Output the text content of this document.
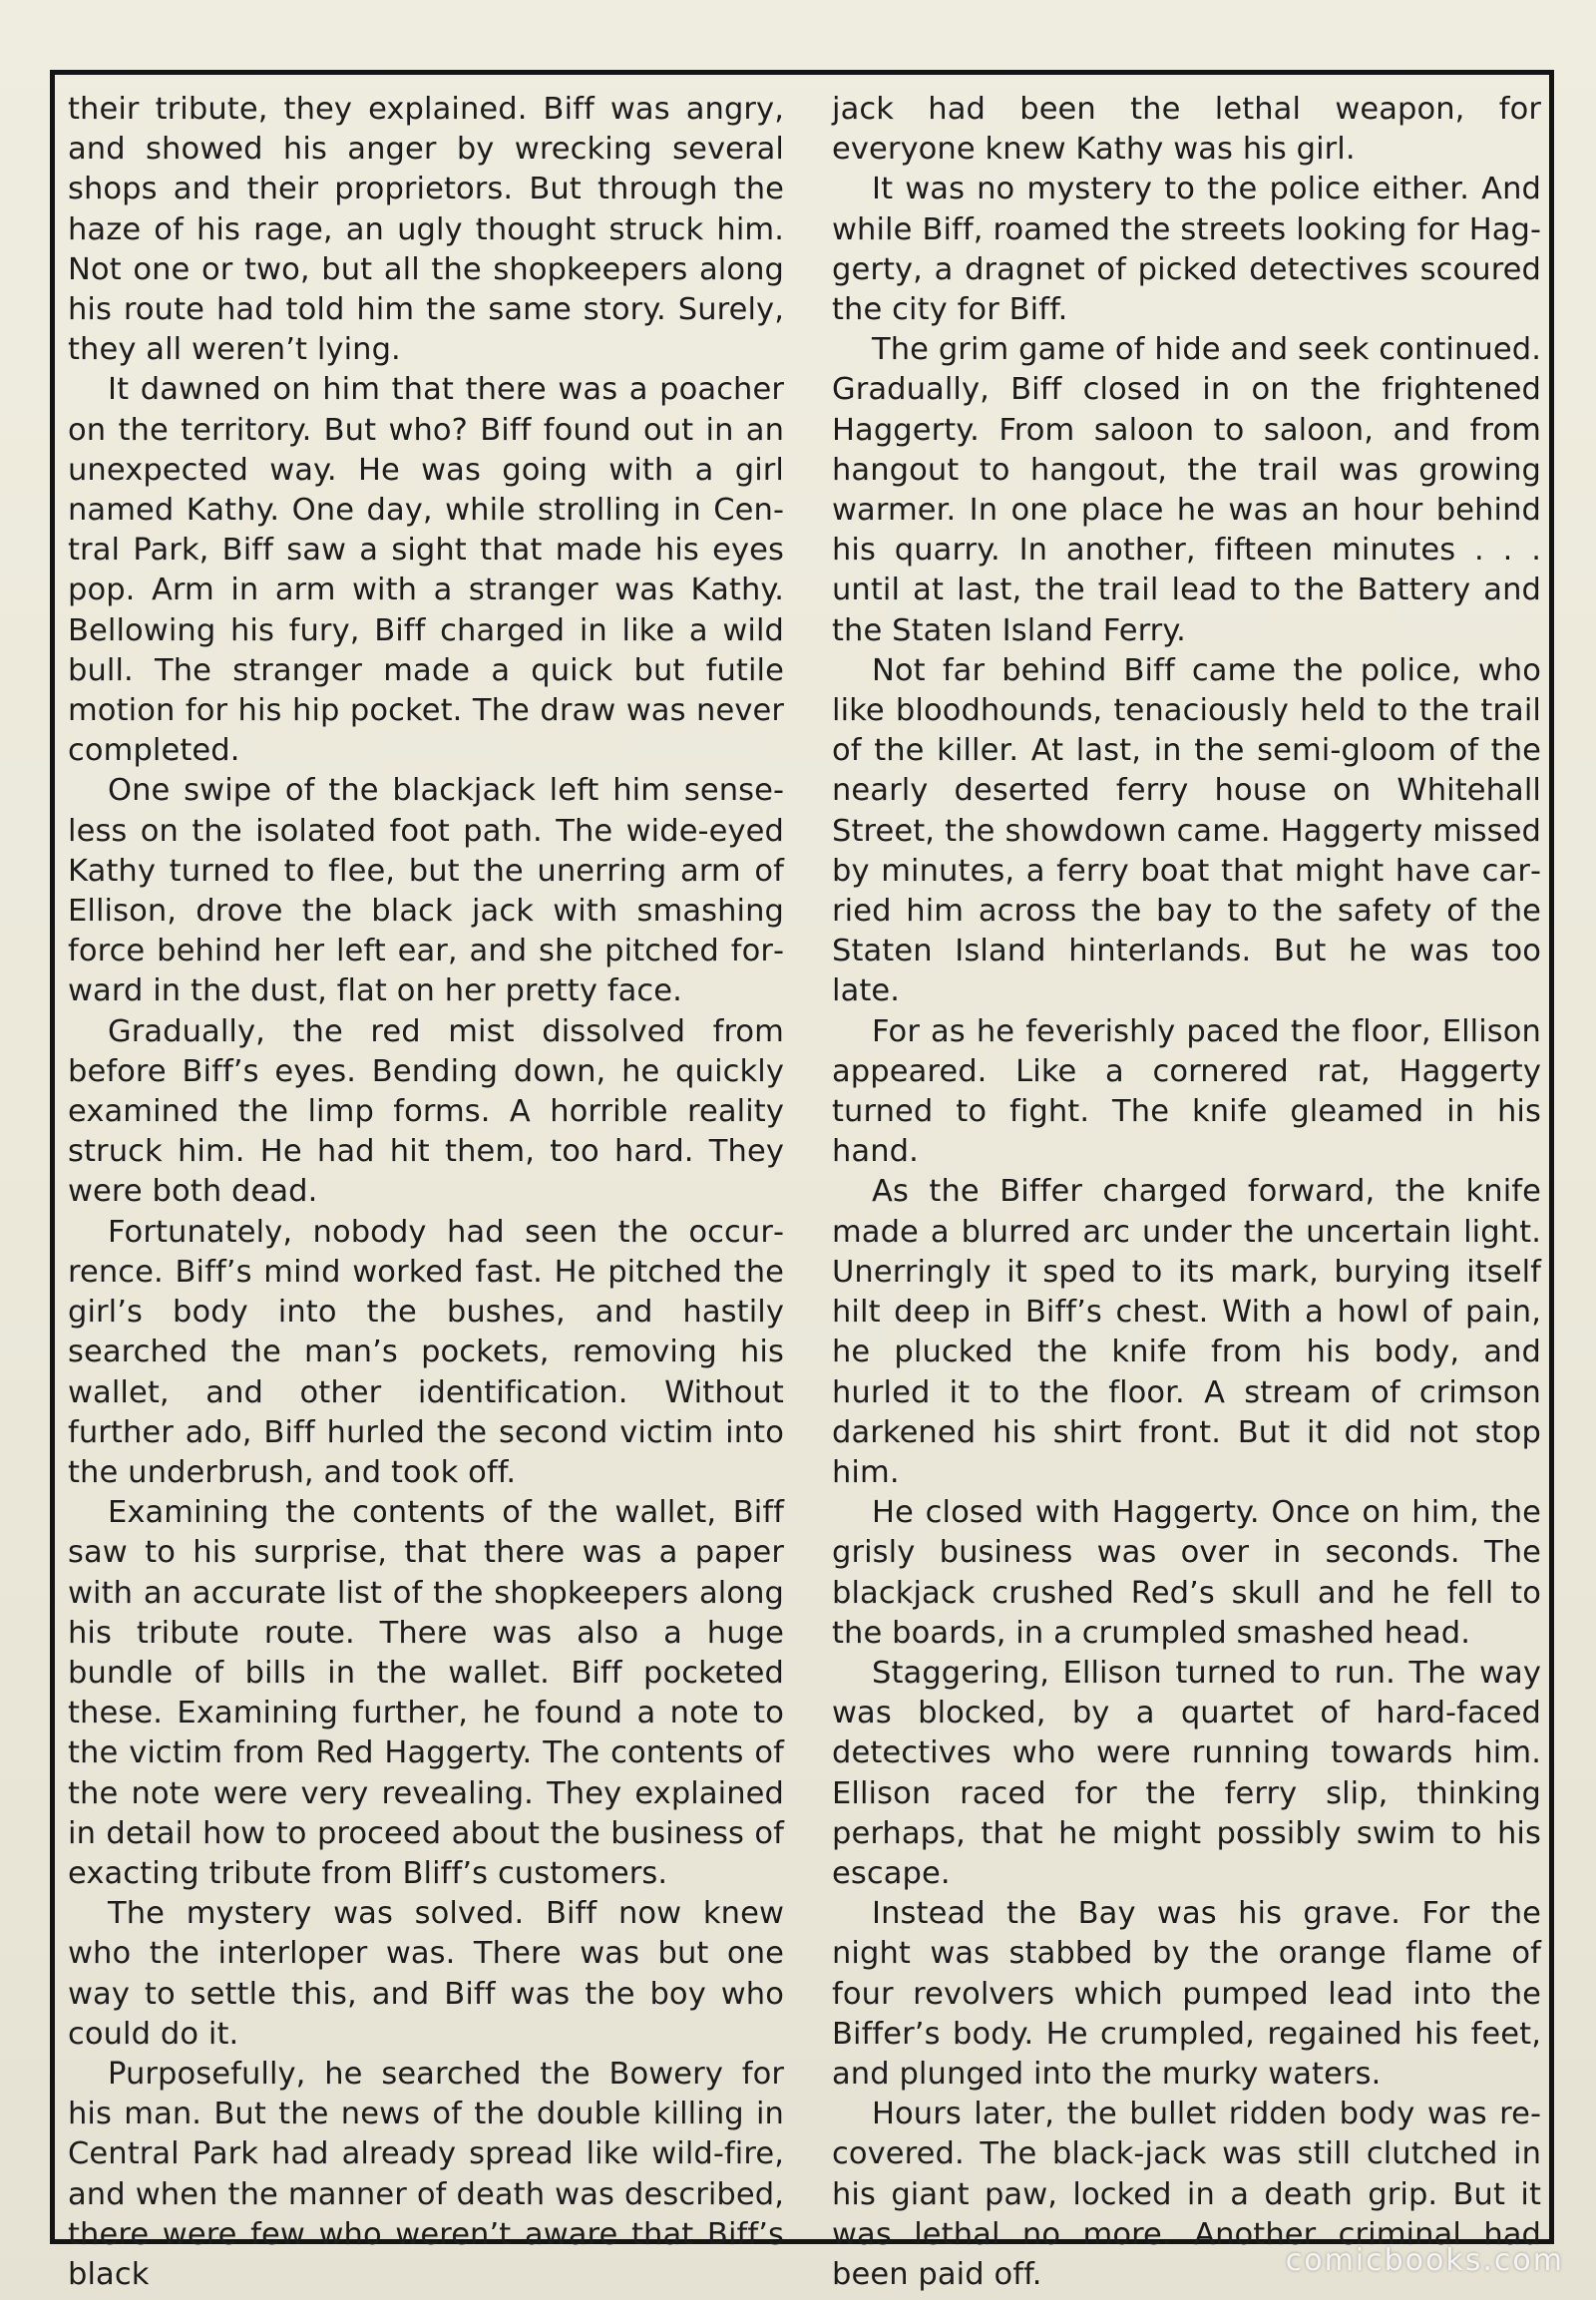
their tribute, they explained. Biff was angry, and showed his anger by wrecking several shops and their proprietors. But through the haze of his rage, an ugly thought struck him. Not one or two, but all the shopkeepers along his route had told him the same story. Surely, they all weren’t lying.

It dawned on him that there was a poacher on the territory. But who? Biff found out in an unexpected way. He was going with a girl named Kathy. One day, while strolling in Central Park, Biff saw a sight that made his eyes pop. Arm in arm with a stranger was Kathy. Bellowing his fury, Biff charged in like a wild bull. The stranger made a quick but futile motion for his hip pocket. The draw was never completed.

One swipe of the blackjack left him senseless on the isolated foot path. The wide-eyed Kathy turned to flee, but the unerring arm of Ellison, drove the black jack with smashing force behind her left ear, and she pitched forward in the dust, flat on her pretty face.

Gradually, the red mist dissolved from before Biff’s eyes. Bending down, he quickly examined the limp forms. A horrible reality struck him. He had hit them, too hard. They were both dead.

Fortunately, nobody had seen the occurrence. Biff’s mind worked fast. He pitched the girl’s body into the bushes, and hastily searched the man’s pockets, removing his wallet, and other identification. Without further ado, Biff hurled the second victim into the underbrush, and took off.

Examining the contents of the wallet, Biff saw to his surprise, that there was a paper with an accurate list of the shopkeepers along his tribute route. There was also a huge bundle of bills in the wallet. Biff pocketed these. Examining further, he found a note to the victim from Red Haggerty. The contents of the note were very revealing. They explained in detail how to proceed about the business of exacting tribute from Bliff’s customers.

The mystery was solved. Biff now knew who the interloper was. There was but one way to settle this, and Biff was the boy who could do it.

Purposefully, he searched the Bowery for his man. But the news of the double killing in Central Park had already spread like wild-fire, and when the manner of death was described, there were few who weren’t aware that Biff’s black

jack had been the lethal weapon, for everyone knew Kathy was his girl.

It was no mystery to the police either. And while Biff, roamed the streets looking for Haggerty, a dragnet of picked detectives scoured the city for Biff.

The grim game of hide and seek continued. Gradually, Biff closed in on the frightened Haggerty. From saloon to saloon, and from hangout to hangout, the trail was growing warmer. In one place he was an hour behind his quarry. In another, fifteen minutes . . . until at last, the trail lead to the Battery and the Staten Island Ferry.

Not far behind Biff came the police, who like bloodhounds, tenaciously held to the trail of the killer. At last, in the semi-gloom of the nearly deserted ferry house on Whitehall Street, the showdown came. Haggerty missed by minutes, a ferry boat that might have carried him across the bay to the safety of the Staten Island hinterlands. But he was too late.

For as he feverishly paced the floor, Ellison appeared. Like a cornered rat, Haggerty turned to fight. The knife gleamed in his hand.

As the Biffer charged forward, the knife made a blurred arc under the uncertain light. Unerringly it sped to its mark, burying itself hilt deep in Biff’s chest. With a howl of pain, he plucked the knife from his body, and hurled it to the floor. A stream of crimson darkened his shirt front. But it did not stop him.

He closed with Haggerty. Once on him, the grisly business was over in seconds. The blackjack crushed Red’s skull and he fell to the boards, in a crumpled smashed head.

Staggering, Ellison turned to run. The way was blocked, by a quartet of hard-faced detectives who were running towards him. Ellison raced for the ferry slip, thinking perhaps, that he might possibly swim to his escape.

Instead the Bay was his grave. For the night was stabbed by the orange flame of four revolvers which pumped lead into the Biffer’s body. He crumpled, regained his feet, and plunged into the murky waters.

Hours later, the bullet ridden body was recovered. The black-jack was still clutched in his giant paw, locked in a death grip. But it was lethal no more. Another criminal had been paid off.	comicbooks.com
